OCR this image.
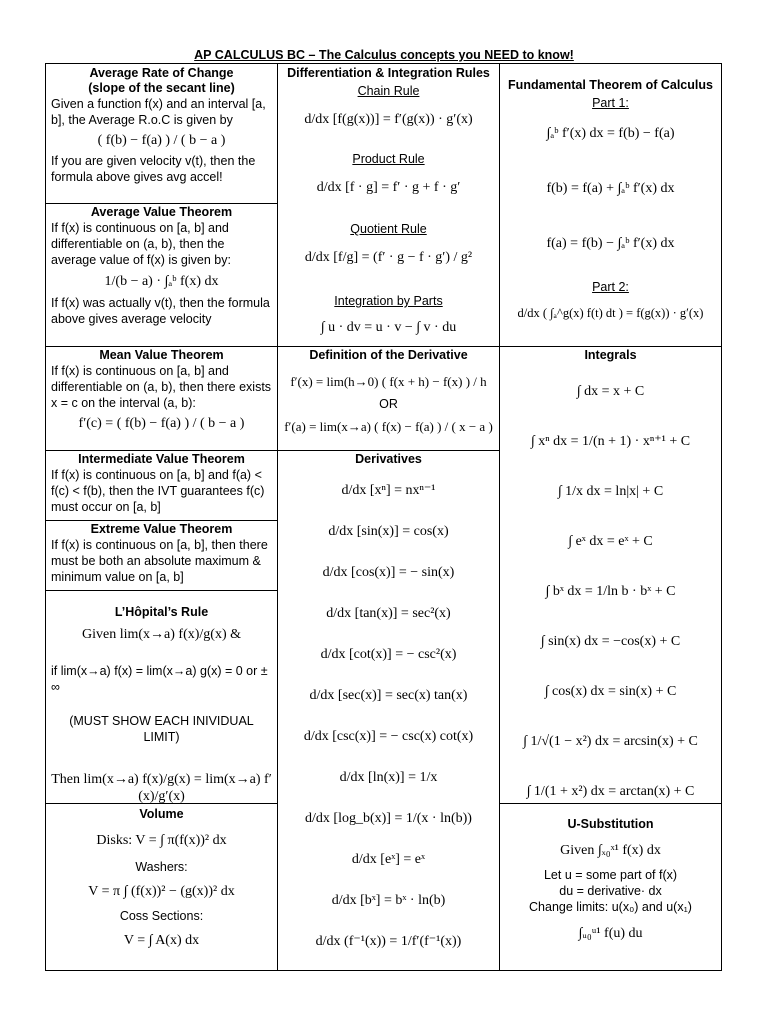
AP CALCULUS BC – The Calculus concepts you NEED to know!
Average Rate of Change
(slope of the secant line)
Given a function f(x) and an interval [a, b], the Average R.o.C is given by
( f(b) − f(a) ) / ( b − a )
If you are given velocity v(t), then the formula above gives avg accel!
Average Value Theorem
If f(x) is continuous on [a, b] and differentiable on (a, b), then the average value of f(x) is given by:
1/(b − a) · ∫ₐᵇ f(x) dx
If f(x) was actually v(t), then the formula above gives average velocity
Mean Value Theorem
If f(x) is continuous on [a, b] and differentiable on (a, b), then there exists x = c on the interval (a, b):
f′(c) = ( f(b) − f(a) ) / ( b − a )
Intermediate Value Theorem
If f(x) is continuous on [a, b] and f(a) < f(c) < f(b), then the IVT guarantees f(c) must occur on [a, b]
Extreme Value Theorem
If f(x) is continuous on [a, b], then there must be both an absolute maximum & minimum value on [a, b]
L’Hôpital’s Rule
Given lim(x→a) f(x)/g(x) &
if lim(x→a) f(x) = lim(x→a) g(x) = 0 or ± ∞
(MUST SHOW EACH INIVIDUAL LIMIT)
Then lim(x→a) f(x)/g(x) = lim(x→a) f′(x)/g′(x)
Volume
Disks: V = ∫ π(f(x))² dx
Washers:
V = π ∫ (f(x))² − (g(x))² dx
Coss Sections:
V = ∫ A(x) dx
Differentiation & Integration Rules
Chain Rule
d/dx [f(g(x))] = f′(g(x)) · g′(x)
Product Rule
d/dx [f · g] = f′ · g + f · g′
Quotient Rule
d/dx [f/g] = (f′ · g − f · g′) / g²
Integration by Parts
∫ u · dv = u · v − ∫ v · du
Definition of the Derivative
f′(x) = lim(h→0) ( f(x + h) − f(x) ) / h
OR
f′(a) = lim(x→a) ( f(x) − f(a) ) / ( x − a )
Derivatives
d/dx [xⁿ] = nxⁿ⁻¹
d/dx [sin(x)] = cos(x)
d/dx [cos(x)] = − sin(x)
d/dx [tan(x)] = sec²(x)
d/dx [cot(x)] = − csc²(x)
d/dx [sec(x)] = sec(x) tan(x)
d/dx [csc(x)] = − csc(x) cot(x)
d/dx [ln(x)] = 1/x
d/dx [log_b(x)] = 1/(x · ln(b))
d/dx [eˣ] = eˣ
d/dx [bˣ] = bˣ · ln(b)
d/dx (f⁻¹(x)) = 1/f′(f⁻¹(x))
Fundamental Theorem of Calculus
Part 1:
∫ₐᵇ f′(x) dx = f(b) − f(a)
f(b) = f(a) + ∫ₐᵇ f′(x) dx
f(a) = f(b) − ∫ₐᵇ f′(x) dx
Part 2:
d/dx ( ∫ₐ^g(x) f(t) dt ) = f(g(x)) · g′(x)
Integrals
∫ dx = x + C
∫ xⁿ dx = 1/(n + 1) · xⁿ⁺¹ + C
∫ 1/x dx = ln|x| + C
∫ eˣ dx = eˣ + C
∫ bˣ dx = 1/ln b · bˣ + C
∫ sin(x) dx = −cos(x) + C
∫ cos(x) dx = sin(x) + C
∫ 1/√(1 − x²) dx = arcsin(x) + C
∫ 1/(1 + x²) dx = arctan(x) + C
U-Substitution
Given ∫ₓ₀ˣ¹ f(x) dx
Let u = some part of f(x)
du = derivative· dx
Change limits: u(x₀) and u(x₁)
∫ᵤ₀ᵘ¹ f(u) du
